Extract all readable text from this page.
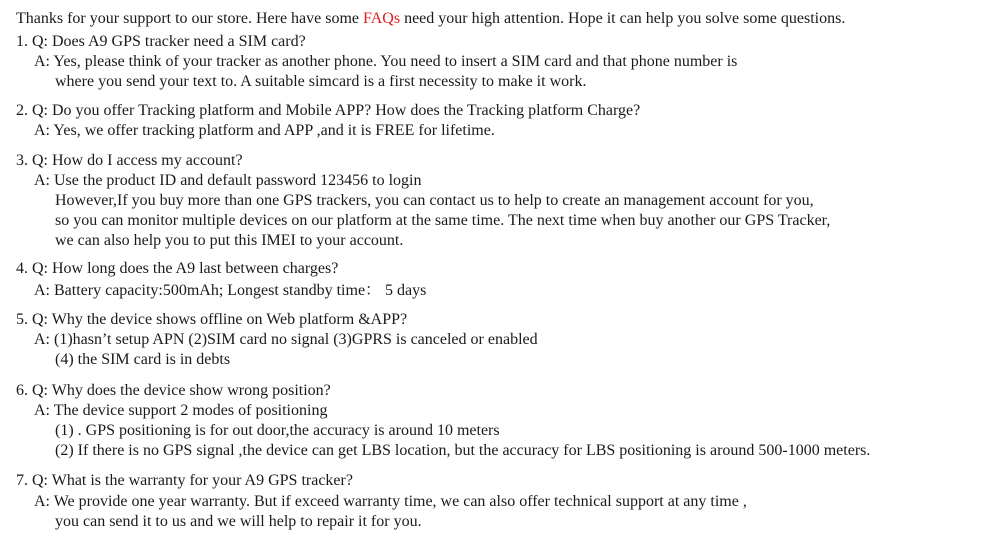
Thanks for your support to our store. Here have some FAQs need your high attention. Hope it can help you solve some questions.
1. Q: Does A9 GPS tracker need a SIM card?
A: Yes, please think of your tracker as another phone. You need to insert a SIM card and that phone number is
where you send your text to. A suitable simcard is a first necessity to make it work.
2. Q: Do you offer Tracking platform and Mobile APP? How does the Tracking platform Charge?
A: Yes, we offer tracking platform and APP ,and it is FREE for lifetime.
3. Q: How do I access my account?
A: Use the product ID and default password 123456 to login
However,If you buy more than one GPS trackers, you can contact us to help to create an management account for you,
so you can monitor multiple devices on our platform at the same time. The next time when buy another our GPS Tracker,
we can also help you to put this IMEI to your account.
4. Q: How long does the A9 last between charges?
A: Battery capacity:500mAh; Longest standby time： 5 days
5. Q: Why the device shows offline on Web platform &APP?
A: (1)hasn’t setup APN (2)SIM card no signal (3)GPRS is canceled or enabled
(4) the SIM card is in debts
6. Q: Why does the device show wrong position?
A: The device support 2 modes of positioning
(1) . GPS positioning is for out door,the accuracy is around 10 meters
(2) If there is no GPS signal ,the device can get LBS location, but the accuracy for LBS positioning is around 500-1000 meters.
7. Q: What is the warranty for your A9 GPS tracker?
A: We provide one year warranty. But if exceed warranty time, we can also offer technical support at any time ,
you can send it to us and we will help to repair it for you.
